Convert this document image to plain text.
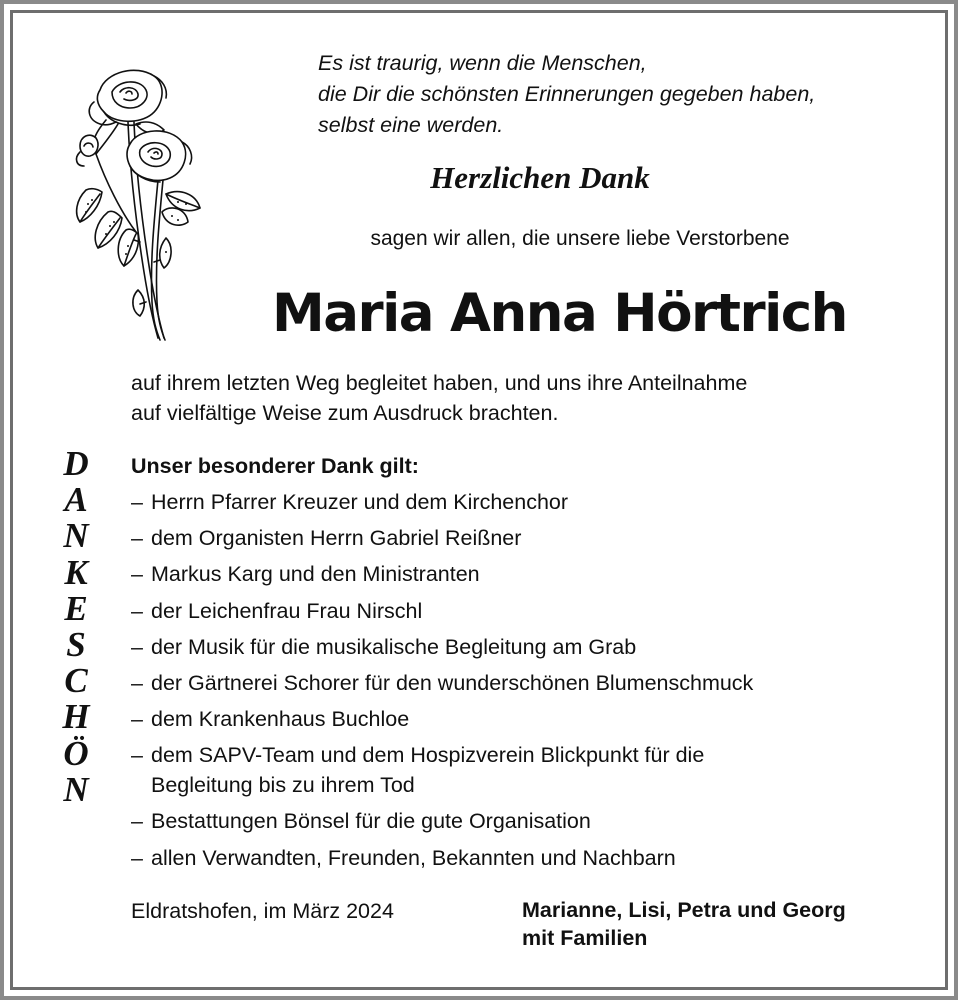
Es ist traurig, wenn die Menschen,
die Dir die schönsten Erinnerungen gegeben haben,
selbst eine werden.
Herzlichen Dank
sagen wir allen, die unsere liebe Verstorbene
Maria Anna Hörtrich
auf ihrem letzten Weg begleitet haben, und uns ihre Anteilnahme
auf vielfältige Weise zum Ausdruck brachten.
D
A
N
K
E
S
C
H
Ö
N
Unser besonderer Dank gilt:
– Herrn Pfarrer Kreuzer und dem Kirchenchor
– dem Organisten Herrn Gabriel Reißner
– Markus Karg und den Ministranten
– der Leichenfrau Frau Nirschl
– der Musik für die musikalische Begleitung am Grab
– der Gärtnerei Schorer für den wunderschönen Blumenschmuck
– dem Krankenhaus Buchloe
– dem SAPV-Team und dem Hospizverein Blickpunkt für die
Begleitung bis zu ihrem Tod
– Bestattungen Bönsel für die gute Organisation
– allen Verwandten, Freunden, Bekannten und Nachbarn
Eldratshofen, im März 2024	Marianne, Lisi, Petra und Georg
mit Familien
